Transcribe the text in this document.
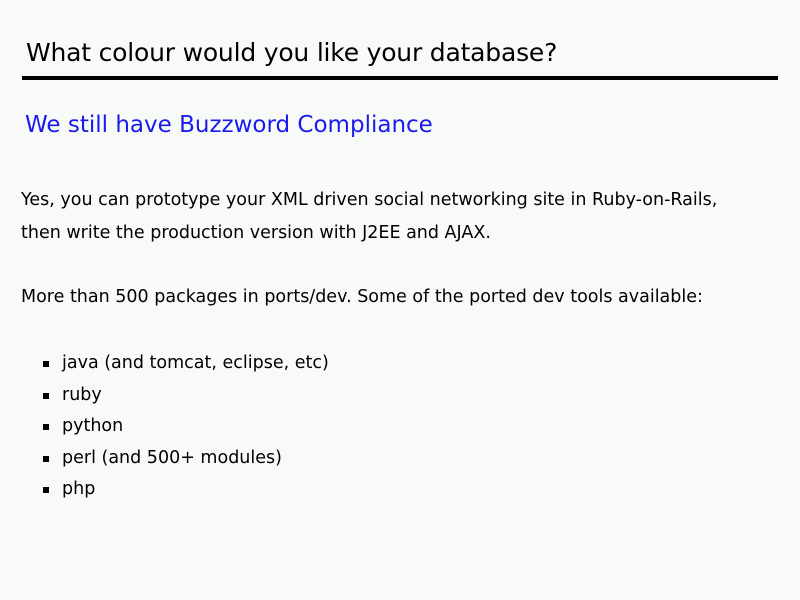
What colour would you like your database?
We still have Buzzword Compliance
Yes, you can prototype your XML driven social networking site in Ruby-on-Rails, then write the production version with J2EE and AJAX.
More than 500 packages in ports/dev. Some of the ported dev tools available:
java (and tomcat, eclipse, etc)
ruby
python
perl (and 500+ modules)
php
